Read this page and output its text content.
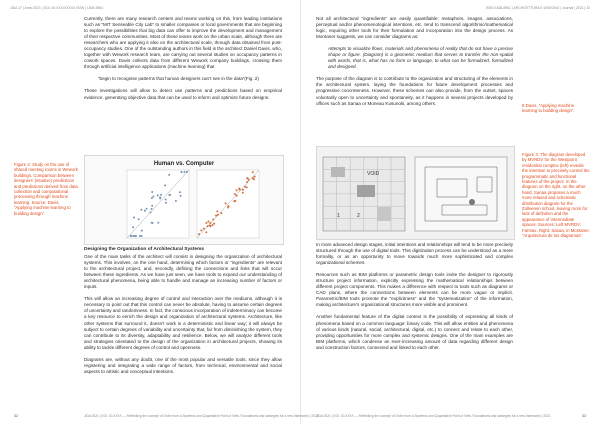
JIDA 17 | Anno 2021 | DOI: 10.XXXX/XXXX ISSN | 1828-5961	ISSN 1828-5961 | ARCHITETTURA E DISEGNO | Journal | 2021 | 33

Currently, there are many research centers and teams working on this, from leading institutions such as “MIT Senseable City Lab” to smaller companies or local governments that are beginning to explore the possibilities that big data can offer to improve the development and management of their respective communities. Most of these teams work on the urban scale, although there are researchers who are applying it also on the architectural scale, through data obtained from post-occupancy studies. One of the outstanding authors in this field is the architect Daniel Davis, who, together with Wework research team, are carrying out several studies on occupancy patterns in cowork spaces. Davis collects data from different Wework company buildings, crossing them through artificial intelligence applications (machine learning) that

“begin to recognise patterns that human designers can’t see in the data”(Fig. 2)

These investigations will allow to detect use patterns and predictions based on empirical evidence, generating objective data that can be used to inform and optimize future designs.

Figure 2: Study on the use of shared meeting rooms in Wework buildings. Comparison between designers’ (intuitive) predictions and predictions derived from data collection and computational processing through machine learning. Source: Davis, “Applying machine learning to building design”.
Human vs. Computer
Designing the Organization of Architectural Systems

One of the main tasks of the architect will consist in designing the organization of architectural systems. This involves, on the one hand, determining which factors or “ingredients” are relevant to the architectural project, and, secondly, defining the connections and links that will occur between these ingredients. As we have just seen, we have tools to expand our understanding of architectural phenomena, being able to handle and manage an increasing number of factors or inputs.

This will allow an increasing degree of control and interaction over the mediums, although it is necessary to point out that this control can never be absolute, having to assume certain degrees of uncertainty and randomness. In fact, the conscious incorporation of indeterminacy can become a key resource to enrich the design and organization of architectural systems. Architecture, like other systems that surround it, doesn’t work in a deterministic and linear way; it will always be subject to certain degrees of variability and uncertainty that, far from diminishing the system, they can contribute to its diversity, adaptability and resilience. Below, we will analyze different tools and strategies orientated to the design of the organization in architectural projects, showing its ability to tackle different degrees of control and openness.

Diagrams are, without any doubt, one of the most popular and versatile tools, since they allow registering and integrating a wide range of factors, from technical, environmental and social aspects to artistic and conceptual intentions.

JIDA 2021 | DOI: 10.XXXX — Rethinking the concept of Order from a Systemic and Quantitative Point of View. Foundations and strategies for a new framework | 2021
32

Not all architectural “ingredients” are easily quantifiable: metaphors, images, associations, perceptual and/or phenomenological intentions, etc. tend to transcend algorithmic/mathematical logic, requiring other tools for their formulation and incorporation into the design process. As Montaner suggests, we can consider diagrams as:

Attempts to visualize flows, materials and phenomena of reality that do not have a precise shape or figure. (Diagram) is a geometric medium that serves to transfer the non-spatial with words, that is, what has no form or language, to what can be formalized, formalized and designed.

The purpose of the diagram is to contribute to the organization and structuring of the elements in the architectural system, laying the foundations for future development processes and progressive concreteness. However, these schemes can also provide, from the outset, spaces voluntarily open to uncertainty and spontaneity, as it happens in several projects developed by offices such as Sanaa or Moneau Kusunoki, among others.	8 Davis, “Applying machine learning to building design”.
Figure 3: The diagram developed by MVRDV for the Westpoint residential complex (left) reveals the intention to precisely control the programmatic and functional features of the project. In the diagram on the right, on the other hand, Sanaa proposes a much more relaxed and schematic distribution diagram for the Zollverein school, leaving room for lack of definition and the appearance of intermediate spaces. Sources: Left MVRDV; Farmax. Right: Sanaa, in Montaner, “Arquitectura de los diagramas”.
VOID
1	2

In more advanced design stages, initial intentions and relationships will tend to be more precisely structured through the use of digital tools. This digitization process can be understood as a mere formality, or as an opportunity to move towards much more sophisticated and complex organizational schemes.

Resources such as BIM platforms or parametric design tools invite the designer to rigorously structure project information, explicitly expressing the mathematical relationships between different project components. This makes a difference with respect to tools such as diagrams or CAD plans, where the connections between elements can be more vague or implicit. Parametric/BIM tools promote the “explicitness” and the “systematization” of the information, making architecture’s organizational structures more visible and prominent.

Another fundamental feature of the digital context is the possibility of expressing all kinds of phenomena based on a common language: binary code. This will allow entities and phenomena of various kinds (natural, social, architectural, digital, etc.) to connect and relate to each other, providing opportunities for more complex and systemic designs. One of the main examples are BIM platforms, which condense an ever-increasing amount of data regarding different design and construction factors, connected and linked to each other.

JIDA 2021 | DOI: 10.XXXX — Rethinking the concept of Order from a Systemic and Quantitative Point of View. Foundations and strategies for a new framework | 2021	33
